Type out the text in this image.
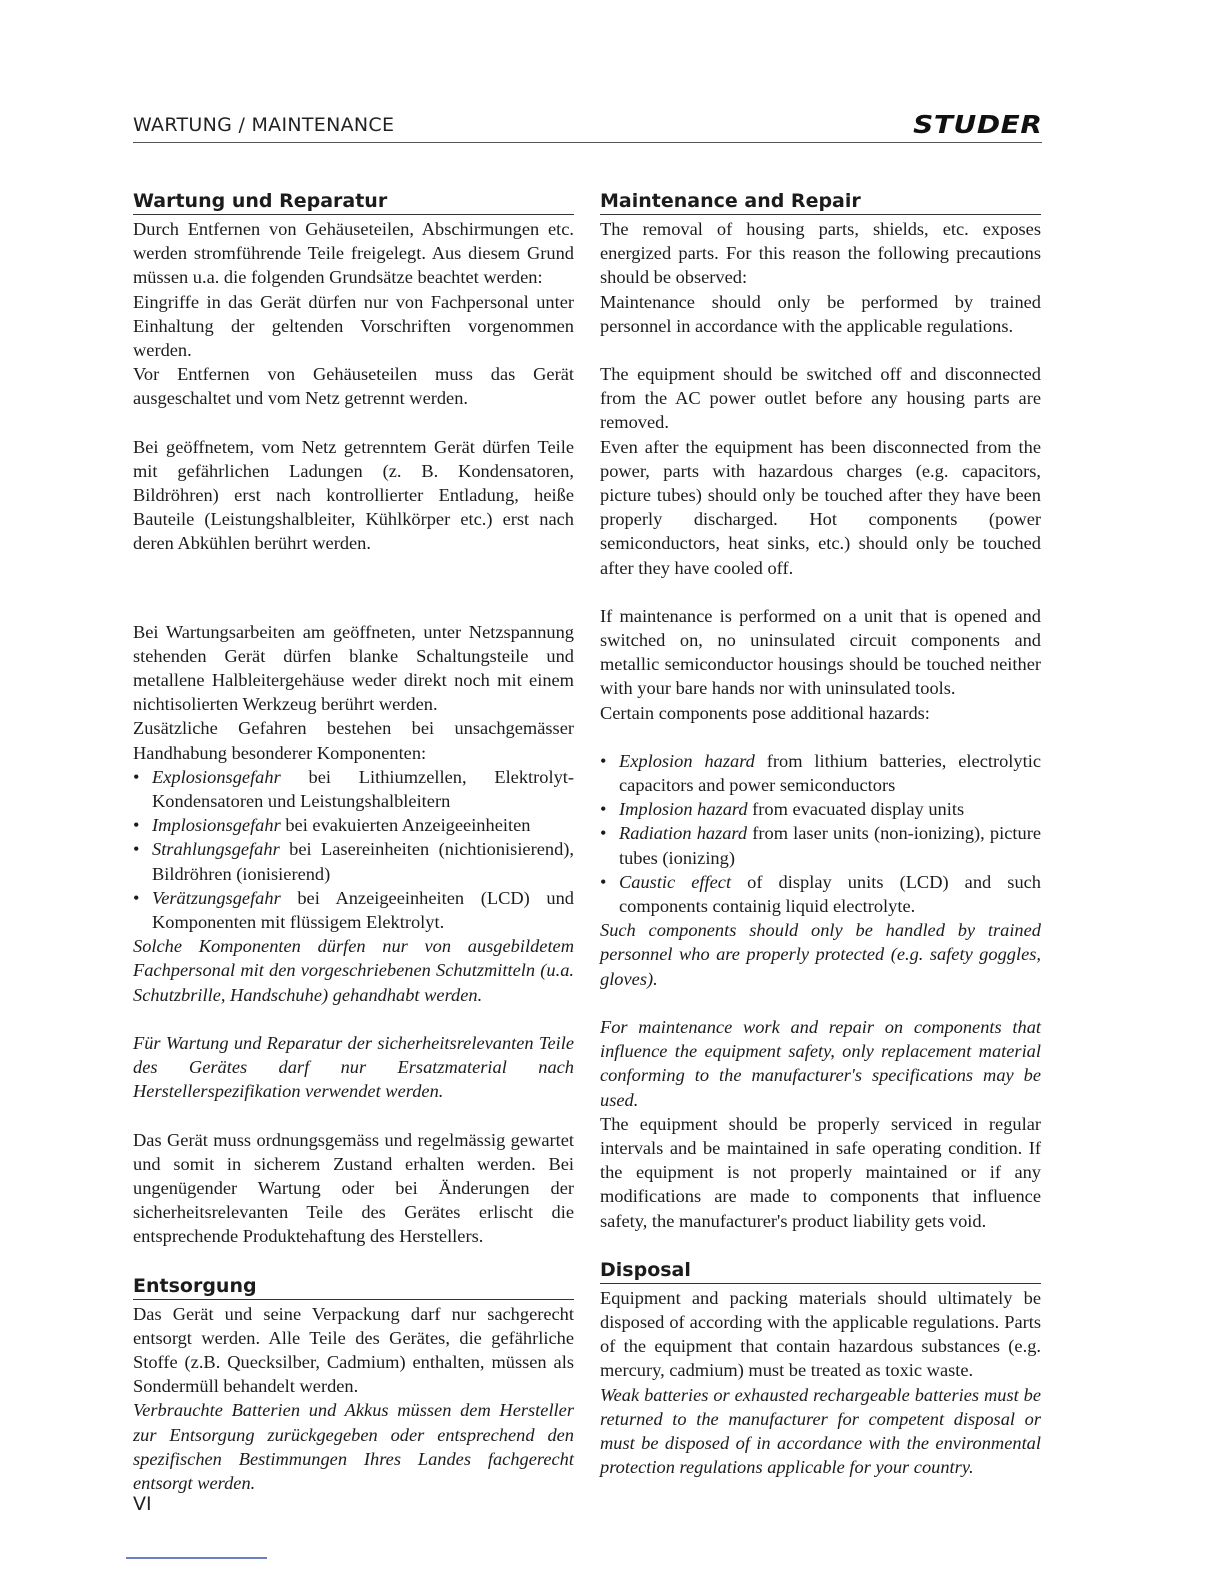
WARTUNG / MAINTENANCE	STUDER
Wartung und Reparatur

Durch Entfernen von Gehäuseteilen, Abschirmungen etc. werden stromführende Teile freigelegt. Aus diesem Grund müssen u.a. die folgenden Grundsätze beachtet werden:

Eingriffe in das Gerät dürfen nur von Fachpersonal unter Einhaltung der geltenden Vorschriften vorgenommen werden.

Vor Entfernen von Gehäuseteilen muss das Gerät ausgeschaltet und vom Netz getrennt werden.

Bei geöffnetem, vom Netz getrenntem Gerät dürfen Teile mit gefährlichen Ladungen (z. B. Kondensatoren, Bildröhren) erst nach kontrollierter Entladung, heiße Bauteile (Leistungshalbleiter, Kühlkörper etc.) erst nach deren Abkühlen berührt werden.

Bei Wartungsarbeiten am geöffneten, unter Netzspannung stehenden Gerät dürfen blanke Schaltungsteile und metallene Halbleitergehäuse weder direkt noch mit einem nichtisolierten Werkzeug berührt werden.

Zusätzliche Gefahren bestehen bei unsachgemässer Handhabung besonderer Komponenten:

• Explosionsgefahr bei Lithiumzellen, Elektrolyt-Kondensatoren und Leistungshalbleitern
• Implosionsgefahr bei evakuierten Anzeigeeinheiten
• Strahlungsgefahr bei Lasereinheiten (nichtionisierend), Bildröhren (ionisierend)
• Verätzungsgefahr bei Anzeigeeinheiten (LCD) und Komponenten mit flüssigem Elektrolyt.

Solche Komponenten dürfen nur von ausgebildetem Fachpersonal mit den vorgeschriebenen Schutzmitteln (u.a. Schutzbrille, Handschuhe) gehandhabt werden.

Für Wartung und Reparatur der sicherheitsrelevanten Teile des Gerätes darf nur Ersatzmaterial nach Herstellerspezifikation verwendet werden.

Das Gerät muss ordnungsgemäss und regelmässig gewartet und somit in sicherem Zustand erhalten werden. Bei ungenügender Wartung oder bei Änderungen der sicherheitsrelevanten Teile des Gerätes erlischt die entsprechende Produktehaftung des Herstellers.

Entsorgung

Das Gerät und seine Verpackung darf nur sachgerecht entsorgt werden. Alle Teile des Gerätes, die gefährliche Stoffe (z.B. Quecksilber, Cadmium) enthalten, müssen als Sondermüll behandelt werden.

Verbrauchte Batterien und Akkus müssen dem Hersteller zur Entsorgung zurückgegeben oder entsprechend den spezifischen Bestimmungen Ihres Landes fachgerecht entsorgt werden.

Maintenance and Repair

The removal of housing parts, shields, etc. exposes energized parts. For this reason the following precautions should be observed:

Maintenance should only be performed by trained personnel in accordance with the applicable regulations.

The equipment should be switched off and disconnected from the AC power outlet before any housing parts are removed.

Even after the equipment has been disconnected from the power, parts with hazardous charges (e.g. capacitors, picture tubes) should only be touched after they have been properly discharged. Hot components (power semiconductors, heat sinks, etc.) should only be touched after they have cooled off.

If maintenance is performed on a unit that is opened and switched on, no uninsulated circuit components and metallic semiconductor housings should be touched neither with your bare hands nor with uninsulated tools.

Certain components pose additional hazards:

• Explosion hazard from lithium batteries, electrolytic capacitors and power semiconductors
• Implosion hazard from evacuated display units
• Radiation hazard from laser units (non-ionizing), picture tubes (ionizing)
• Caustic effect of display units (LCD) and such components containig liquid electrolyte.

Such components should only be handled by trained personnel who are properly protected (e.g. safety goggles, gloves).

For maintenance work and repair on components that influence the equipment safety, only replacement material conforming to the manufacturer's specifications may be used.

The equipment should be properly serviced in regular intervals and be maintained in safe operating condition. If the equipment is not properly maintained or if any modifications are made to components that influence safety, the manufacturer's product liability gets void.

Disposal

Equipment and packing materials should ultimately be disposed of according with the applicable regulations. Parts of the equipment that contain hazardous substances (e.g. mercury, cadmium) must be treated as toxic waste.

Weak batteries or exhausted rechargeable batteries must be returned to the manufacturer for competent disposal or must be disposed of in accordance with the environmental protection regulations applicable for your country.

VI
